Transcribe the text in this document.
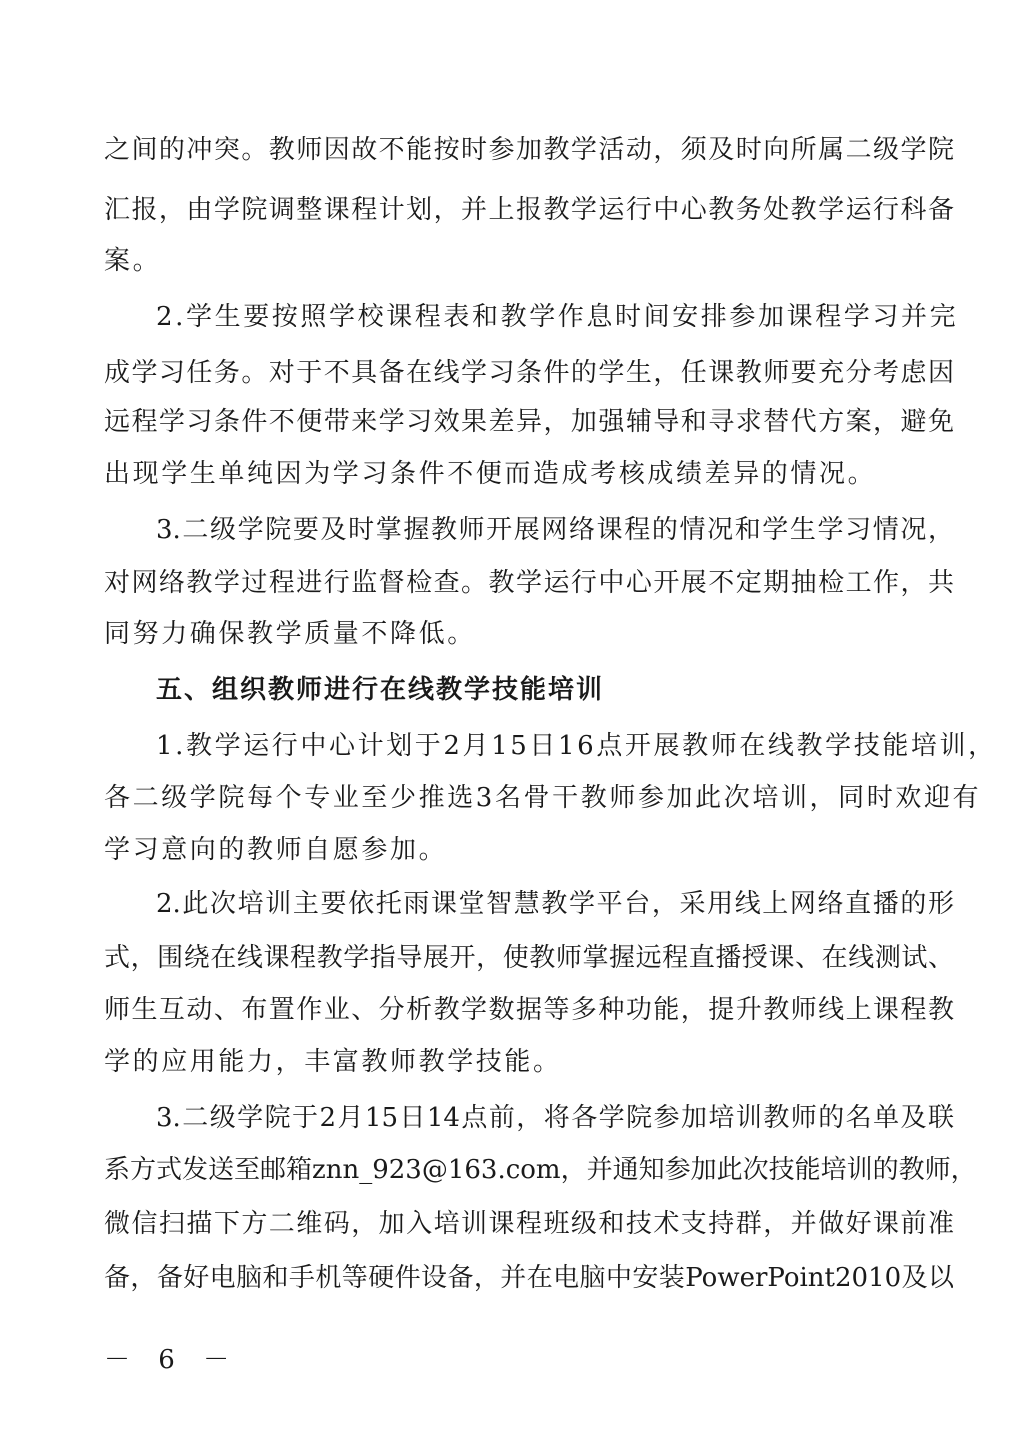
之间的冲突。教师因故不能按时参加教学活动，须及时向所属二级学院
汇报，由学院调整课程计划，并上报教学运行中心教务处教学运行科备
案。
2.学生要按照学校课程表和教学作息时间安排参加课程学习并完
成学习任务。对于不具备在线学习条件的学生，任课教师要充分考虑因
远程学习条件不便带来学习效果差异，加强辅导和寻求替代方案，避免
出现学生单纯因为学习条件不便而造成考核成绩差异的情况。
3.二级学院要及时掌握教师开展网络课程的情况和学生学习情况，
对网络教学过程进行监督检查。教学运行中心开展不定期抽检工作，共
同努力确保教学质量不降低。
五、组织教师进行在线教学技能培训
1.教学运行中心计划于2月15日16点开展教师在线教学技能培训，
各二级学院每个专业至少推选3名骨干教师参加此次培训，同时欢迎有
学习意向的教师自愿参加。
2.此次培训主要依托雨课堂智慧教学平台，采用线上网络直播的形
式，围绕在线课程教学指导展开，使教师掌握远程直播授课、在线测试、
师生互动、布置作业、分析教学数据等多种功能，提升教师线上课程教
学的应用能力，丰富教师教学技能。
3.二级学院于2月15日14点前，将各学院参加培训教师的名单及联
系方式发送至邮箱znn_923@163.com，并通知参加此次技能培训的教师，
微信扫描下方二维码，加入培训课程班级和技术支持群，并做好课前准
备，备好电脑和手机等硬件设备，并在电脑中安装PowerPoint2010及以
－ 6 －
